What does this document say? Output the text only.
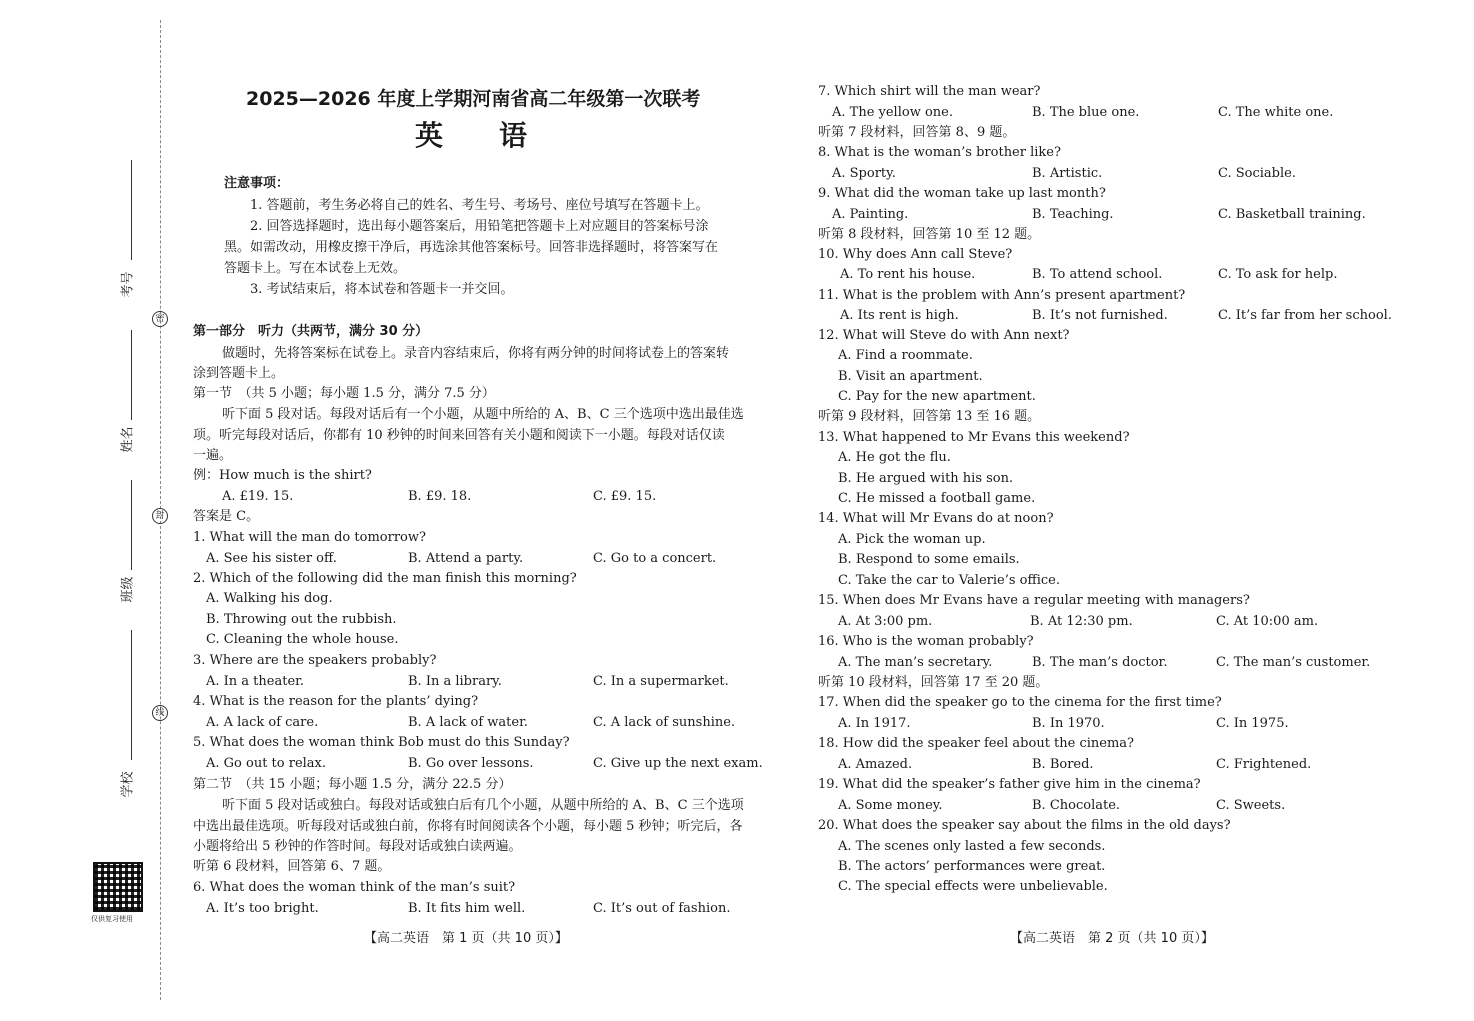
考号
姓名
班级
学校
密
封
线
仅供复习使用
2025—2026 年度上学期河南省高二年级第一次联考
英　　语
注意事项：
1. 答题前，考生务必将自己的姓名、考生号、考场号、座位号填写在答题卡上。
2. 回答选择题时，选出每小题答案后，用铅笔把答题卡上对应题目的答案标号涂
黑。如需改动，用橡皮擦干净后，再选涂其他答案标号。回答非选择题时，将答案写在
答题卡上。写在本试卷上无效。
3. 考试结束后，将本试卷和答题卡一并交回。
第一部分　听力（共两节，满分 30 分）
做题时，先将答案标在试卷上。录音内容结束后，你将有两分钟的时间将试卷上的答案转
涂到答题卡上。
第一节　（共 5 小题；每小题 1.5 分，满分 7.5 分）
听下面 5 段对话。每段对话后有一个小题，从题中所给的 A、B、C 三个选项中选出最佳选
项。听完每段对话后，你都有 10 秒钟的时间来回答有关小题和阅读下一小题。每段对话仅读
一遍。
例：How much is the shirt?
A. £19. 15.	B. £9. 18.	C. £9. 15.
答案是 C。
1. What will the man do tomorrow?
A. See his sister off.	B. Attend a party.	C. Go to a concert.
2. Which of the following did the man finish this morning?
A. Walking his dog.
B. Throwing out the rubbish.
C. Cleaning the whole house.
3. Where are the speakers probably?
A. In a theater.	B. In a library.	C. In a supermarket.
4. What is the reason for the plants’ dying?
A. A lack of care.	B. A lack of water.	C. A lack of sunshine.
5. What does the woman think Bob must do this Sunday?
A. Go out to relax.	B. Go over lessons.	C. Give up the next exam.
第二节　（共 15 小题；每小题 1.5 分，满分 22.5 分）
听下面 5 段对话或独白。每段对话或独白后有几个小题，从题中所给的 A、B、C 三个选项
中选出最佳选项。听每段对话或独白前，你将有时间阅读各个小题，每小题 5 秒钟；听完后，各
小题将给出 5 秒钟的作答时间。每段对话或独白读两遍。
听第 6 段材料，回答第 6、7 题。
6. What does the woman think of the man’s suit?
A. It’s too bright.	B. It fits him well.	C. It’s out of fashion.
【高二英语　第 1 页（共 10 页）】
7. Which shirt will the man wear?
A. The yellow one.	B. The blue one.	C. The white one.
听第 7 段材料，回答第 8、9 题。
8. What is the woman’s brother like?
A. Sporty.	B. Artistic.	C. Sociable.
9. What did the woman take up last month?
A. Painting.	B. Teaching.	C. Basketball training.
听第 8 段材料，回答第 10 至 12 题。
10. Why does Ann call Steve?
A. To rent his house.	B. To attend school.	C. To ask for help.
11. What is the problem with Ann’s present apartment?
A. Its rent is high.	B. It’s not furnished.	C. It’s far from her school.
12. What will Steve do with Ann next?
A. Find a roommate.
B. Visit an apartment.
C. Pay for the new apartment.
听第 9 段材料，回答第 13 至 16 题。
13. What happened to Mr Evans this weekend?
A. He got the flu.
B. He argued with his son.
C. He missed a football game.
14. What will Mr Evans do at noon?
A. Pick the woman up.
B. Respond to some emails.
C. Take the car to Valerie’s office.
15. When does Mr Evans have a regular meeting with managers?
A. At 3:00 pm.	B. At 12:30 pm.	C. At 10:00 am.
16. Who is the woman probably?
A. The man’s secretary.	B. The man’s doctor.	C. The man’s customer.
听第 10 段材料，回答第 17 至 20 题。
17. When did the speaker go to the cinema for the first time?
A. In 1917.	B. In 1970.	C. In 1975.
18. How did the speaker feel about the cinema?
A. Amazed.	B. Bored.	C. Frightened.
19. What did the speaker’s father give him in the cinema?
A. Some money.	B. Chocolate.	C. Sweets.
20. What does the speaker say about the films in the old days?
A. The scenes only lasted a few seconds.
B. The actors’ performances were great.
C. The special effects were unbelievable.
【高二英语　第 2 页（共 10 页）】
